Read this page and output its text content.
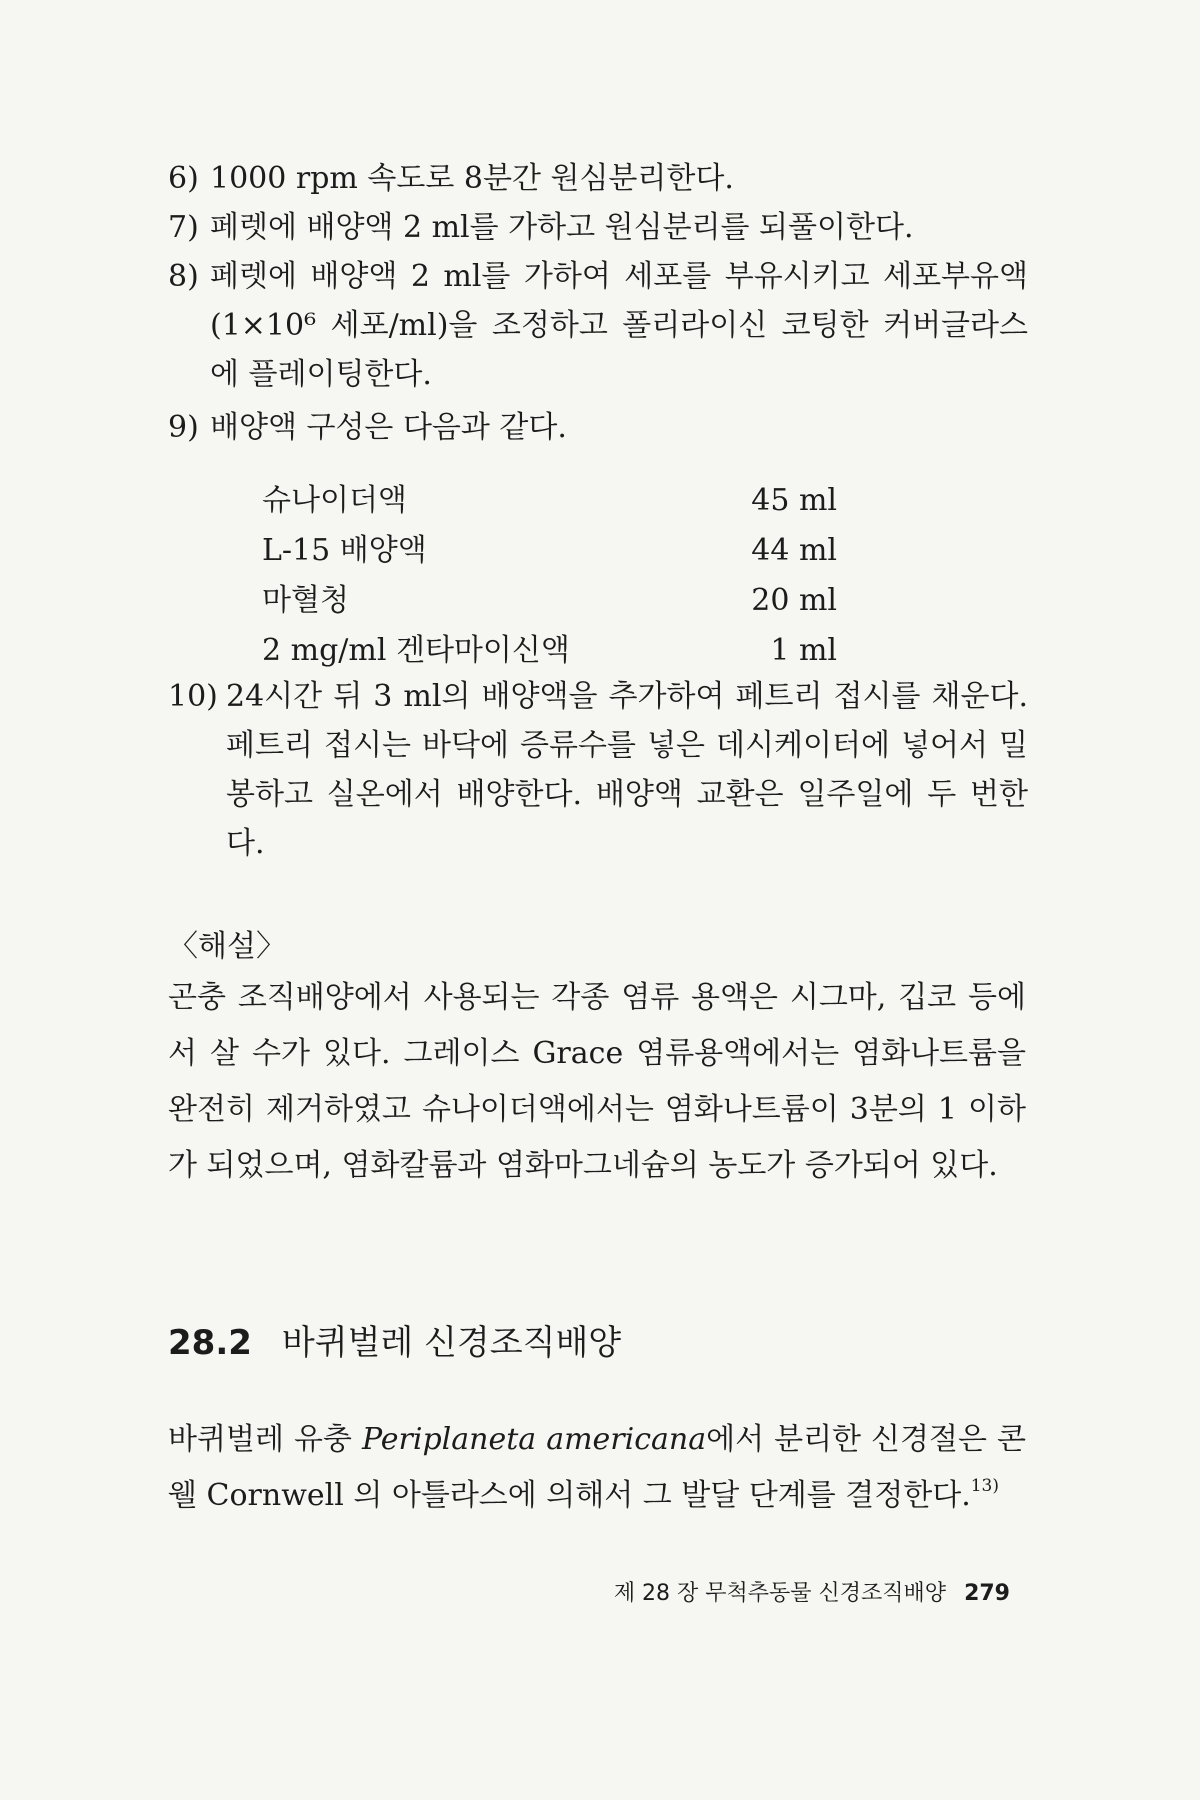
6) 1000 rpm 속도로 8분간 원심분리한다.

7) 페렛에 배양액 2 ml를 가하고 원심분리를 되풀이한다.

8) 페렛에 배양액 2 ml를 가하여 세포를 부유시키고 세포부유액(1×10⁶ 세포/ml)을 조정하고 폴리라이신 코팅한 커버글라스에 플레이팅한다.

9) 배양액 구성은 다음과 같다.

슈나이더액	45 ml
L-15 배양액	44 ml
마혈청	20 ml
2 mg/ml 겐타마이신액	1 ml

10) 24시간 뒤 3 ml의 배양액을 추가하여 페트리 접시를 채운다. 페트리 접시는 바닥에 증류수를 넣은 데시케이터에 넣어서 밀봉하고 실온에서 배양한다. 배양액 교환은 일주일에 두 번한다.

〈해설〉

곤충 조직배양에서 사용되는 각종 염류 용액은 시그마, 깁코 등에서 살 수가 있다. 그레이스 Grace 염류용액에서는 염화나트륨을 완전히 제거하였고 슈나이더액에서는 염화나트륨이 3분의 1 이하가 되었으며, 염화칼륨과 염화마그네슘의 농도가 증가되어 있다.

28.2 바퀴벌레 신경조직배양

바퀴벌레 유충 Periplaneta americana에서 분리한 신경절은 콘웰 Cornwell 의 아틀라스에 의해서 그 발달 단계를 결정한다.$^{13)}$

제 28 장 무척추동물 신경조직배양 279
